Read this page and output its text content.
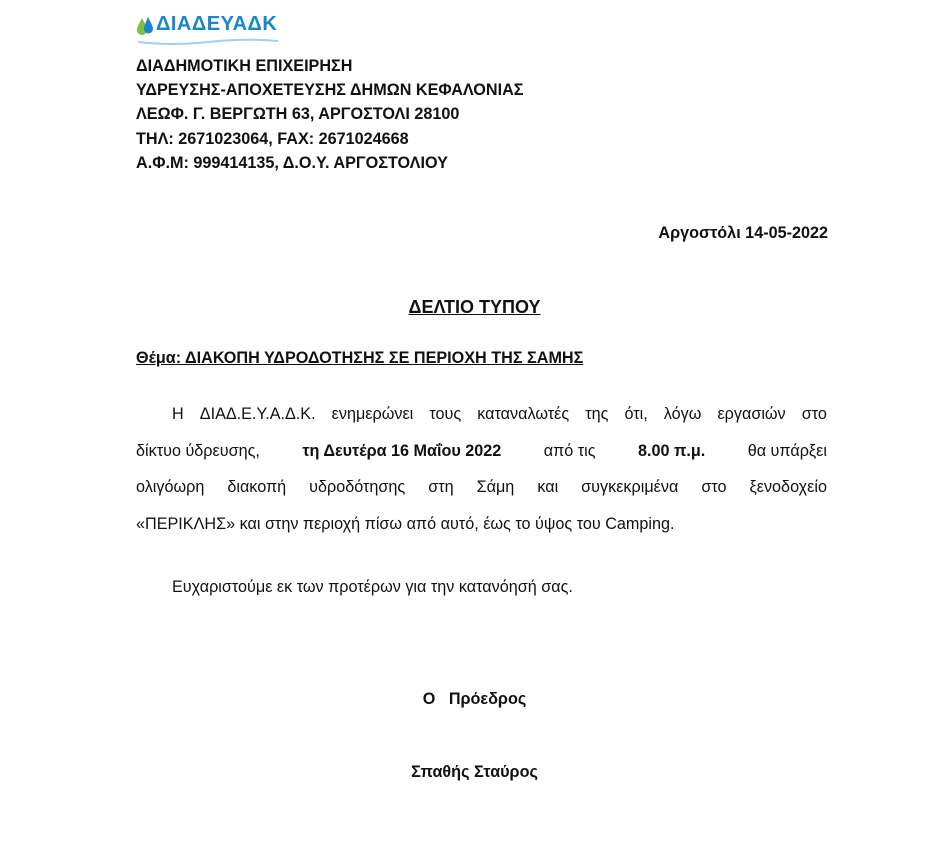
ΔΙΑΔΕΥΑΔΚ
ΔΙΑΔΗΜΟΤΙΚΗ ΕΠΙΧΕΙΡΗΣΗ
ΥΔΡΕΥΣΗΣ-ΑΠΟΧΕΤΕΥΣΗΣ ΔΗΜΩΝ ΚΕΦΑΛΟΝΙΑΣ
ΛΕΩΦ. Γ. ΒΕΡΓΩΤΗ 63, ΑΡΓΟΣΤΟΛΙ 28100
ΤΗΛ: 2671023064, FAX: 2671024668
Α.Φ.Μ: 999414135, Δ.Ο.Υ. ΑΡΓΟΣΤΟΛΙΟΥ
Αργοστόλι 14-05-2022
ΔΕΛΤΙΟ ΤΥΠΟΥ
Θέμα: ΔΙΑΚΟΠΗ ΥΔΡΟΔΟΤΗΣΗΣ ΣΕ ΠΕΡΙΟΧΗ ΤΗΣ ΣΑΜΗΣ
Η ΔΙΑΔ.Ε.Υ.Α.Δ.Κ. ενημερώνει τους καταναλωτές της ότι, λόγω εργασιών στο
δίκτυο ύδρευσης,	τη Δευτέρα 16 Μαΐου 2022	από τις	8.00 π.μ.	θα υπάρξει
ολιγόωρη διακοπή υδροδότησης στη Σάμη και συγκεκριμένα στο ξενοδοχείο
«ΠΕΡΙΚΛΗΣ» και στην περιοχή πίσω από αυτό, έως το ύψος του Camping.
Ευχαριστούμε εκ των προτέρων για την κατανόησή σας.
Ο   Πρόεδρος
Σπαθής Σταύρος
